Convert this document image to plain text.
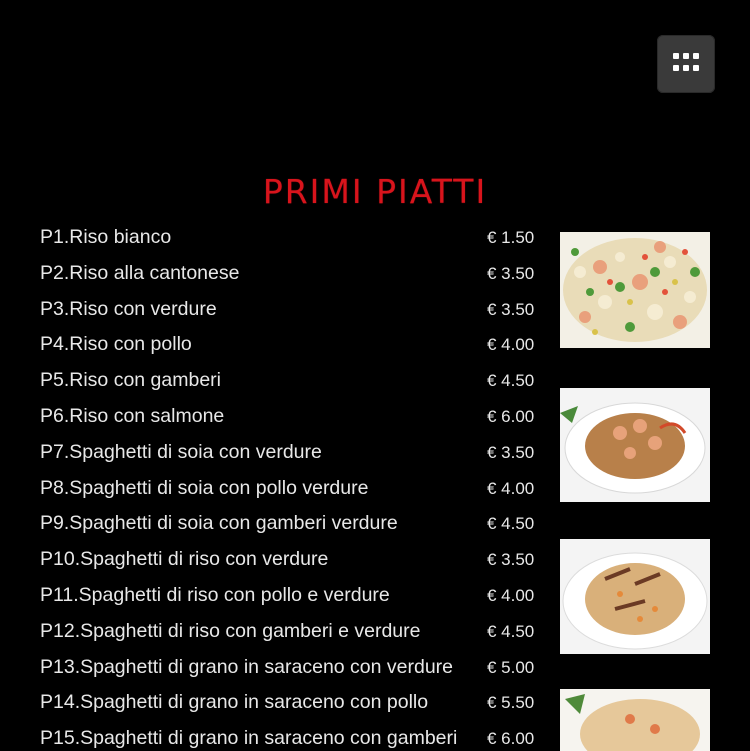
PRIMI PIATTI
P1.Riso bianco	€ 1.50
P2.Riso alla cantonese	€ 3.50
P3.Riso con verdure	€ 3.50
P4.Riso con pollo	€ 4.00
P5.Riso con gamberi	€ 4.50
P6.Riso con salmone	€ 6.00
P7.Spaghetti di soia con verdure	€ 3.50
P8.Spaghetti di soia con pollo verdure	€ 4.00
P9.Spaghetti di soia con gamberi verdure	€ 4.50
P10.Spaghetti di riso con verdure	€ 3.50
P11.Spaghetti di riso con pollo e verdure	€ 4.00
P12.Spaghetti di riso con gamberi e verdure	€ 4.50
P13.Spaghetti di grano in saraceno con verdure € 5.00
P14.Spaghetti di grano in saraceno con pollo	€ 5.50
P15.Spaghetti di grano in saraceno con gamberi € 6.00
